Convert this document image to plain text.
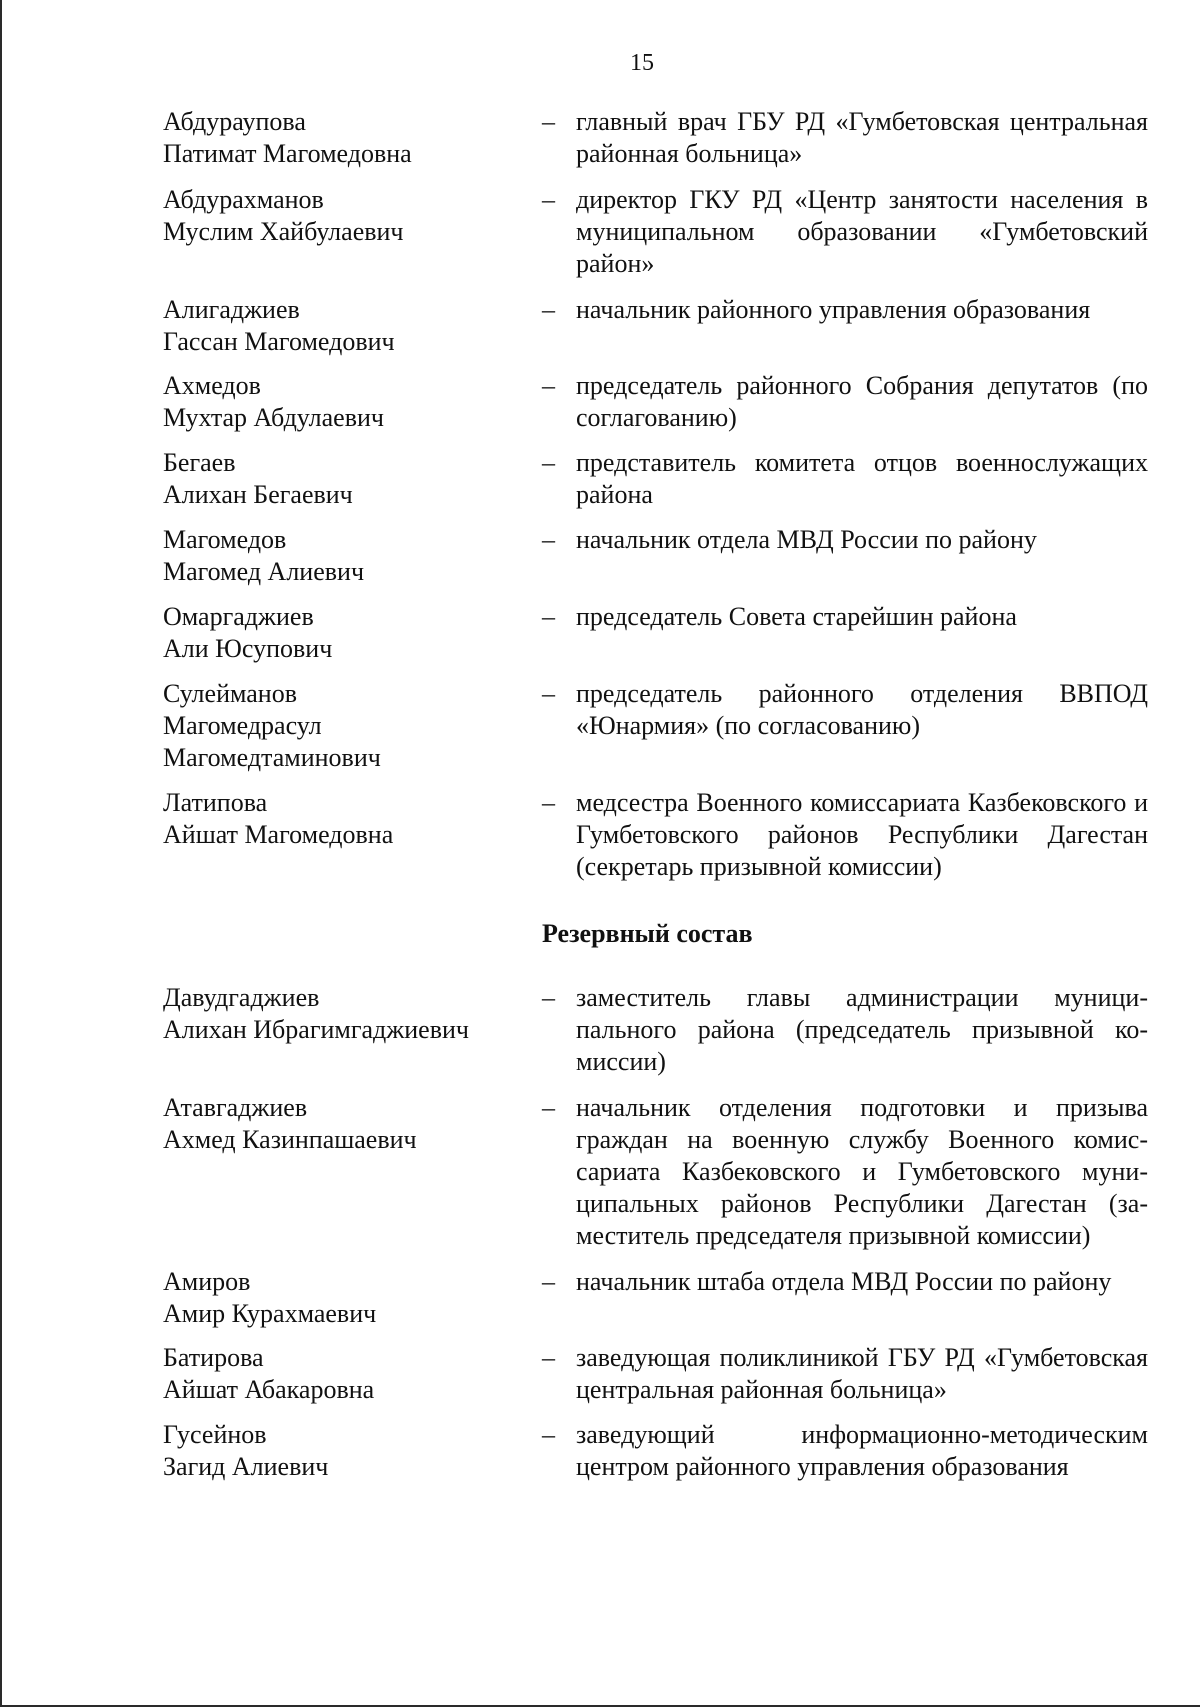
15
Абдураупова
Патимат Магомедовна
– главный врач ГБУ РД «Гумбетовская центральная районная больница»
Абдурахманов
Муслим Хайбулаевич
– директор ГКУ РД «Центр занятости населения в муниципальном образовании «Гумбетовский район»
Алигаджиев
Гассан Магомедович
– начальник районного управления образования
Ахмедов
Мухтар Абдулаевич
– председатель районного Собрания депутатов (по соглагованию)
Бегаев
Алихан Бегаевич
– представитель комитета отцов военнослужащих района
Магомедов
Магомед Алиевич
– начальник отдела МВД России по району
Омаргаджиев
Али Юсупович
– председатель Совета старейшин района
Сулейманов
Магомедрасул
Магомедтаминович
– председатель районного отделения ВВПОД «Юнармия» (по согласованию)
Латипова
Айшат Магомедовна
– медсестра Военного комиссариата Казбековского и Гумбетовского районов Республики Дагестан (секретарь призывной комиссии)
Резервный состав
Давудгаджиев
Алихан Ибрагимгаджиевич
– заместитель главы администрации муниципального района (председатель призывной комиссии)
Атавгаджиев
Ахмед Казинпашаевич
– начальник отделения подготовки и призыва граждан на военную службу Военного комиссариата Казбековского и Гумбетовского муниципальных районов Республики Дагестан (заместитель председателя призывной комиссии)
Амиров
Амир Курахмаевич
– начальник штаба отдела МВД России по району
Батирова
Айшат Абакаровна
– заведующая поликлиникой ГБУ РД «Гумбетовская центральная районная больница»
Гусейнов
Загид Алиевич
– заведующий информационно-методическим центром районного управления образования
